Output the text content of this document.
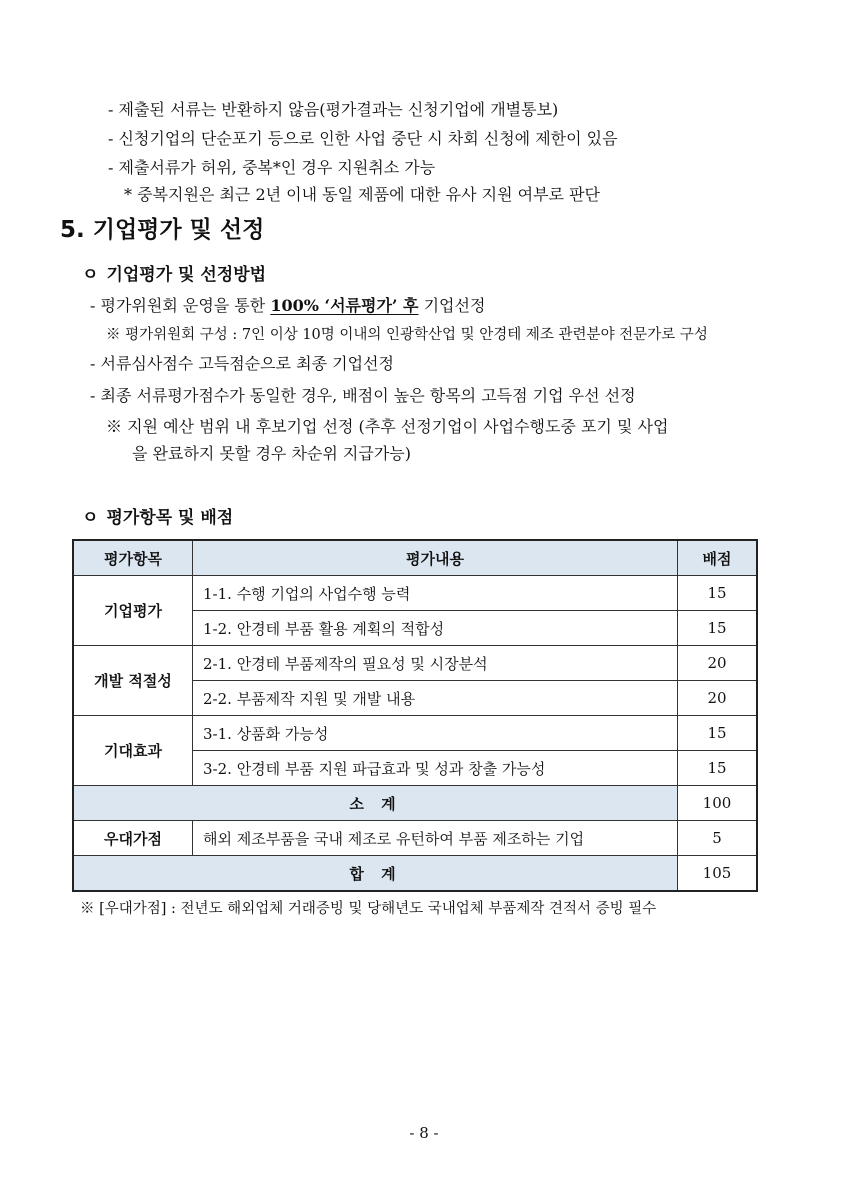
- 제출된 서류는 반환하지 않음(평가결과는 신청기업에 개별통보)
- 신청기업의 단순포기 등으로 인한 사업 중단 시 차회 신청에 제한이 있음
- 제출서류가 허위, 중복*인 경우 지원취소 가능
* 중복지원은 최근 2년 이내 동일 제품에 대한 유사 지원 여부로 판단
5. 기업평가 및 선정
ㅇ 기업평가 및 선정방법
- 평가위원회 운영을 통한 100% ‘서류평가’ 후 기업선정
※ 평가위원회 구성 : 7인 이상 10명 이내의 인광학산업 및 안경테 제조 관련분야 전문가로 구성
- 서류심사점수 고득점순으로 최종 기업선정
- 최종 서류평가점수가 동일한 경우, 배점이 높은 항목의 고득점 기업 우선 선정
※ 지원 예산 범위 내 후보기업 선정 (추후 선정기업이 사업수행도중 포기 및 사업
을 완료하지 못할 경우 차순위 지급가능)
ㅇ 평가항목 및 배점
평가항목	평가내용	배점
기업평가	1-1. 수행 기업의 사업수행 능력	15
	1-2. 안경테 부품 활용 계획의 적합성	15
개발 적절성	2-1. 안경테 부품제작의 필요성 및 시장분석	20
	2-2. 부품제작 지원 및 개발 내용	20
기대효과	3-1. 상품화 가능성	15
	3-2. 안경테 부품 지원 파급효과 및 성과 창출 가능성	15
소 계		100
우대가점	해외 제조부품을 국내 제조로 유턴하여 부품 제조하는 기업	5
합 계		105
※ [우대가점] : 전년도 해외업체 거래증빙 및 당해년도 국내업체 부품제작 견적서 증빙 필수
- 8 -
